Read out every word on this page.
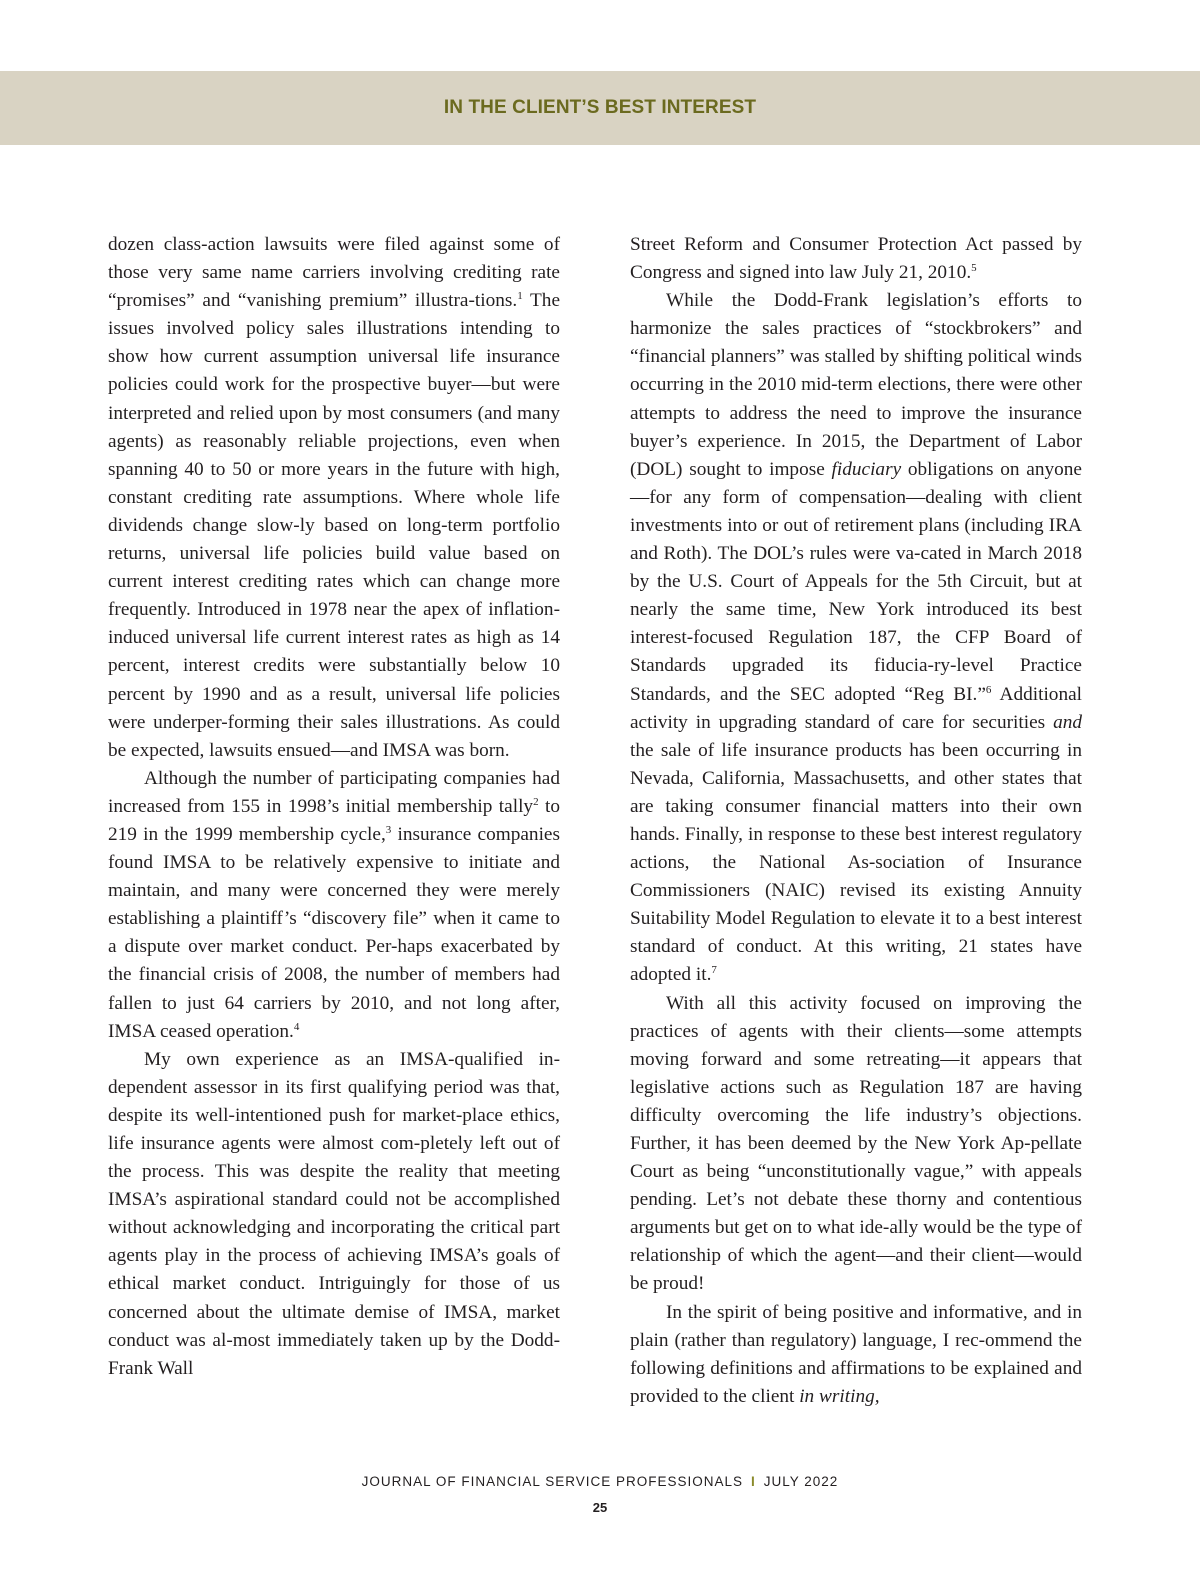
IN THE CLIENT’S BEST INTEREST

dozen class-action lawsuits were filed against some of those very same name carriers involving crediting rate “promises” and “vanishing premium” illustra-tions.$^1$ The issues involved policy sales illustrations intending to show how current assumption universal life insurance policies could work for the prospective buyer—but were interpreted and relied upon by most consumers (and many agents) as reasonably reliable projections, even when spanning 40 to 50 or more years in the future with high, constant crediting rate assumptions. Where whole life dividends change slow-ly based on long-term portfolio returns, universal life policies build value based on current interest crediting rates which can change more frequently. Introduced in 1978 near the apex of inflation-induced universal life current interest rates as high as 14 percent, interest credits were substantially below 10 percent by 1990 and as a result, universal life policies were underper-forming their sales illustrations. As could be expected, lawsuits ensued—and IMSA was born.

Although the number of participating companies had increased from 155 in 1998’s initial membership tally$^2$ to 219 in the 1999 membership cycle,$^3$ insurance companies found IMSA to be relatively expensive to initiate and maintain, and many were concerned they were merely establishing a plaintiff’s “discovery file” when it came to a dispute over market conduct. Per-haps exacerbated by the financial crisis of 2008, the number of members had fallen to just 64 carriers by 2010, and not long after, IMSA ceased operation.$^4$

My own experience as an IMSA-qualified in-dependent assessor in its first qualifying period was that, despite its well-intentioned push for market-place ethics, life insurance agents were almost com-pletely left out of the process. This was despite the reality that meeting IMSA’s aspirational standard could not be accomplished without acknowledging and incorporating the critical part agents play in the process of achieving IMSA’s goals of ethical market conduct. Intriguingly for those of us concerned about the ultimate demise of IMSA, market conduct was al-most immediately taken up by the Dodd-Frank Wall

Street Reform and Consumer Protection Act passed by Congress and signed into law July 21, 2010.$^5$

While the Dodd-Frank legislation’s efforts to harmonize the sales practices of “stockbrokers” and “financial planners” was stalled by shifting political winds occurring in the 2010 mid-term elections, there were other attempts to address the need to improve the insurance buyer’s experience. In 2015, the Department of Labor (DOL) sought to impose fiduciary obligations on anyone—for any form of compensation—dealing with client investments into or out of retirement plans (including IRA and Roth). The DOL’s rules were va-cated in March 2018 by the U.S. Court of Appeals for the 5th Circuit, but at nearly the same time, New York introduced its best interest-focused Regulation 187, the CFP Board of Standards upgraded its fiducia-ry-level Practice Standards, and the SEC adopted “Reg BI.”$^6$ Additional activity in upgrading standard of care for securities and the sale of life insurance products has been occurring in Nevada, California, Massachusetts, and other states that are taking consumer financial matters into their own hands. Finally, in response to these best interest regulatory actions, the National As-sociation of Insurance Commissioners (NAIC) revised its existing Annuity Suitability Model Regulation to elevate it to a best interest standard of conduct. At this writing, 21 states have adopted it.$^7$

With all this activity focused on improving the practices of agents with their clients—some attempts moving forward and some retreating—it appears that legislative actions such as Regulation 187 are having difficulty overcoming the life industry’s objections. Further, it has been deemed by the New York Ap-pellate Court as being “unconstitutionally vague,” with appeals pending. Let’s not debate these thorny and contentious arguments but get on to what ide-ally would be the type of relationship of which the agent—and their client—would be proud!

In the spirit of being positive and informative, and in plain (rather than regulatory) language, I rec-ommend the following definitions and affirmations to be explained and provided to the client in writing,

JOURNAL OF FINANCIAL SERVICE PROFESSIONALS I JULY 2022
25
